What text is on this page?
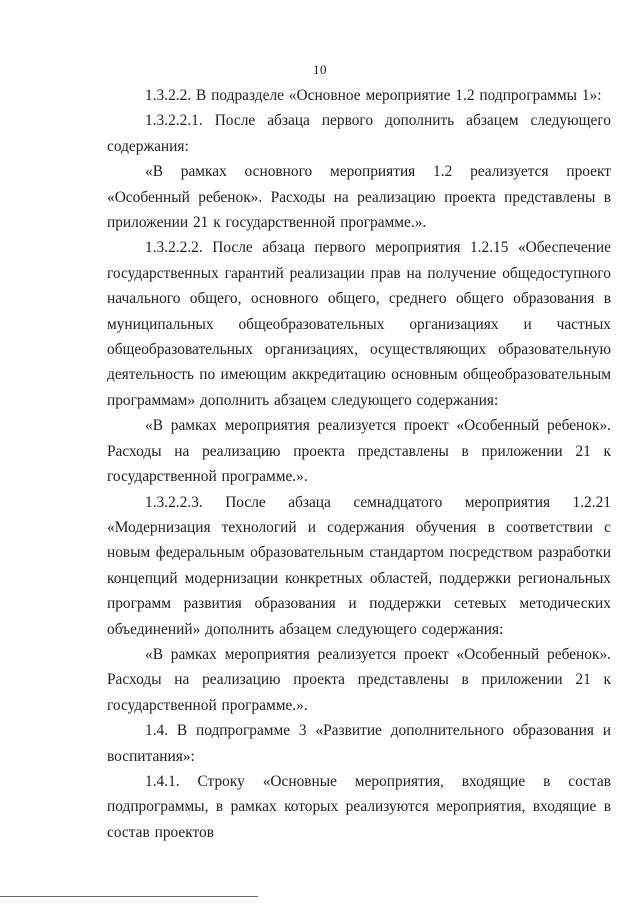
10

1.3.2.2. В подразделе «Основное мероприятие 1.2 подпрограммы 1»:

1.3.2.2.1. После абзаца первого дополнить абзацем следующего содержания:

«В рамках основного мероприятия 1.2 реализуется проект «Особенный ребенок». Расходы на реализацию проекта представлены в приложении 21 к государственной программе.».

1.3.2.2.2. После абзаца первого мероприятия 1.2.15 «Обеспечение государственных гарантий реализации прав на получение общедоступного начального общего, основного общего, среднего общего образования в муниципальных общеобразовательных организациях и частных общеобразовательных организациях, осуществляющих образовательную деятельность по имеющим аккредитацию основным общеобразовательным программам» дополнить абзацем следующего содержания:

«В рамках мероприятия реализуется проект «Особенный ребенок». Расходы на реализацию проекта представлены в приложении 21 к государственной программе.».

1.3.2.2.3. После абзаца семнадцатого мероприятия 1.2.21 «Модернизация технологий и содержания обучения в соответствии с новым федеральным образовательным стандартом посредством разработки концепций модернизации конкретных областей, поддержки региональных программ развития образования и поддержки сетевых методических объединений» дополнить абзацем следующего содержания:

«В рамках мероприятия реализуется проект «Особенный ребенок». Расходы на реализацию проекта представлены в приложении 21 к государственной программе.».

1.4. В подпрограмме 3 «Развитие дополнительного образования и воспитания»:

1.4.1. Строку «Основные мероприятия, входящие в состав подпрограммы, в рамках которых реализуются мероприятия, входящие в состав проектов
